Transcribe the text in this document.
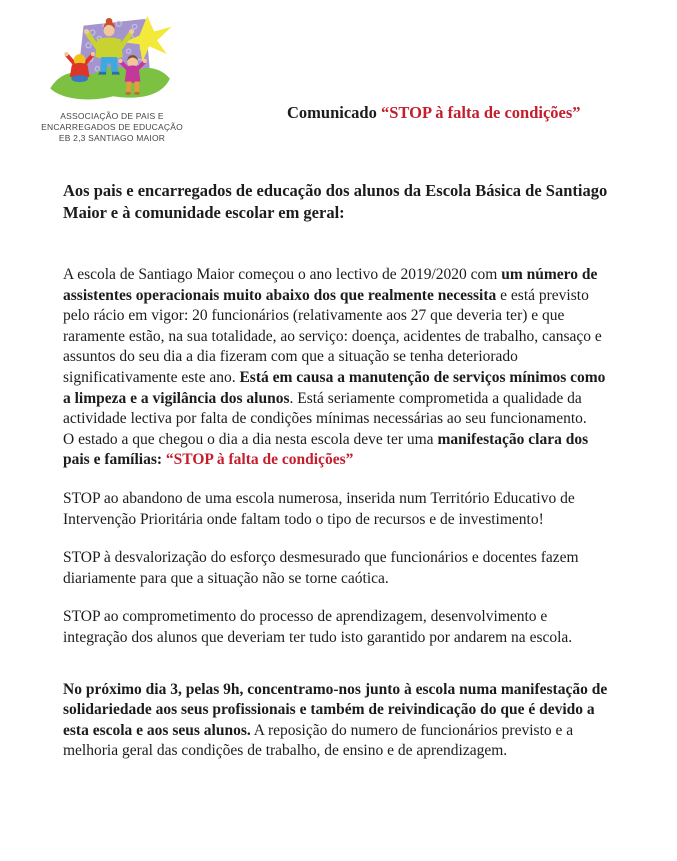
ASSOCIAÇÃO DE PAIS E
ENCARREGADOS DE EDUCAÇÃO
EB 2,3 SANTIAGO MAIOR
Comunicado “STOP à falta de condições”
Aos pais e encarregados de educação dos alunos da Escola Básica de Santiago Maior e à comunidade escolar em geral:

A escola de Santiago Maior começou o ano lectivo de 2019/2020 com um número de assistentes operacionais muito abaixo dos que realmente necessita e está previsto pelo rácio em vigor: 20 funcionários (relativamente aos 27 que deveria ter) e que raramente estão, na sua totalidade, ao serviço: doença, acidentes de trabalho, cansaço e assuntos do seu dia a dia fizeram com que a situação se tenha deteriorado significativamente este ano. Está em causa a manutenção de serviços mínimos como a limpeza e a vigilância dos alunos. Está seriamente comprometida a qualidade da actividade lectiva por falta de condições mínimas necessárias ao seu funcionamento.

O estado a que chegou o dia a dia nesta escola deve ter uma manifestação clara dos pais e famílias: “STOP à falta de condições”

STOP ao abandono de uma escola numerosa, inserida num Território Educativo de Intervenção Prioritária onde faltam todo o tipo de recursos e de investimento!

STOP à desvalorização do esforço desmesurado que funcionários e docentes fazem diariamente para que a situação não se torne caótica.

STOP ao comprometimento do processo de aprendizagem, desenvolvimento e integração dos alunos que deveriam ter tudo isto garantido por andarem na escola.

No próximo dia 3, pelas 9h, concentramo-nos junto à escola numa manifestação de solidariedade aos seus profissionais e também de reivindicação do que é devido a esta escola e aos seus alunos. A reposição do numero de funcionários previsto e a melhoria geral das condições de trabalho, de ensino e de aprendizagem.
